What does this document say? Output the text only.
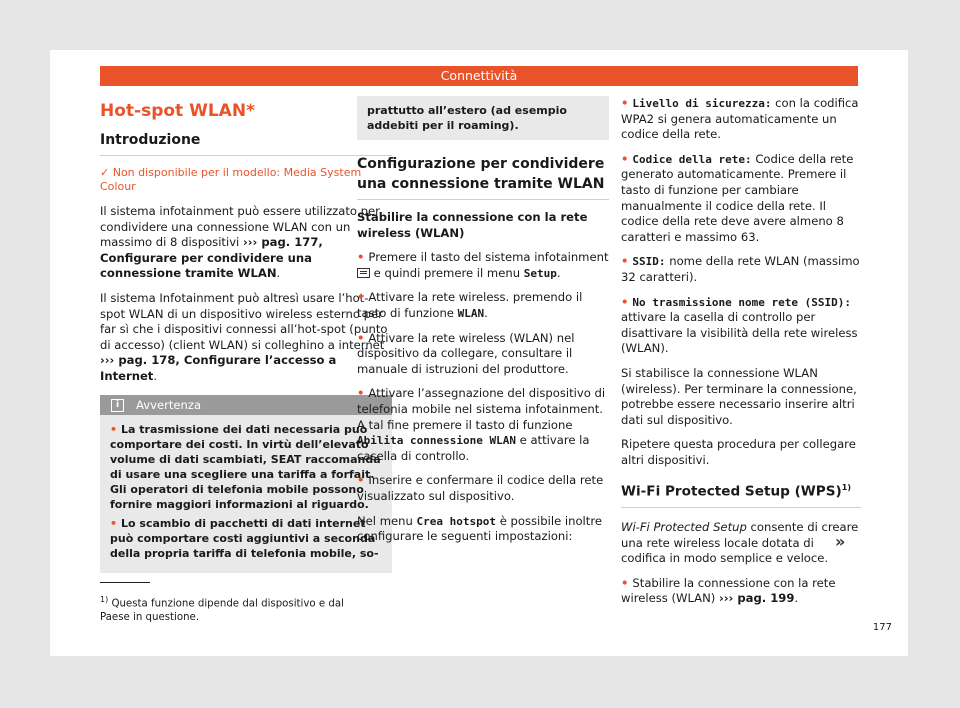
Connettività
Hot-spot WLAN*
Introduzione
✓ Non disponibile per il modello: Media System Colour

Il sistema infotainment può essere utilizzato per condividere una connessione WLAN con un massimo di 8 dispositivi ››› pag. 177, Configurare per condividere una connessione tramite WLAN.

Il sistema Infotainment può altresì usare l’hot-spot WLAN di un dispositivo wireless esterno per far sì che i dispositivi connessi all’hot-spot (punto di accesso) (client WLAN) si colleghino a internet ››› pag. 178, Configurare l’accesso a Internet.

i	Avvertenza

• La trasmissione dei dati necessaria può comportare dei costi. In virtù dell’elevato volume di dati scambiati, SEAT raccomanda di usare una scegliere una tariffa a forfait. Gli operatori di telefonia mobile possono fornire maggiori informazioni al riguardo.

• Lo scambio di pacchetti di dati internet può comportare costi aggiuntivi a seconda della propria tariffa di telefonia mobile, so-

prattutto all’estero (ad esempio addebiti per il roaming).
Configurazione per condividere una connessione tramite WLAN

Stabilire la connessione con la rete wireless (WLAN)

• Premere il tasto del sistema infotainment  e quindi premere il menu Setup.

• Attivare la rete wireless. premendo il tasto di funzione WLAN.

• Attivare la rete wireless (WLAN) nel dispositivo da collegare, consultare il manuale di istruzioni del produttore.

• Attivare l’assegnazione del dispositivo di telefonia mobile nel sistema infotainment. A tal fine premere il tasto di funzione Abilita connessione WLAN e attivare la casella di controllo.

• Inserire e confermare il codice della rete visualizzato sul dispositivo.

Nel menu Crea hotspot è possibile inoltre configurare le seguenti impostazioni:

• Livello di sicurezza: con la codifica WPA2 si genera automaticamente un codice della rete.

• Codice della rete: Codice della rete generato automaticamente. Premere il tasto di funzione per cambiare manualmente il codice della rete. Il codice della rete deve avere almeno 8 caratteri e massimo 63.

• SSID: nome della rete WLAN (massimo 32 caratteri).

• No trasmissione nome rete (SSID): attivare la casella di controllo per disattivare la visibilità della rete wireless (WLAN).

Si stabilisce la connessione WLAN (wireless). Per terminare la connessione, potrebbe essere necessario inserire altri dati sul dispositivo.

Ripetere questa procedura per collegare altri dispositivi.

Wi-Fi Protected Setup (WPS)$^{1)}$

Wi-Fi Protected Setup consente di creare una rete wireless locale dotata di codifica in modo semplice e veloce.

• Stabilire la connessione con la rete wireless (WLAN) ››› pag. 199.

$^{1)}$ Questa funzione dipende dal dispositivo e dal Paese in questione.
»
177
